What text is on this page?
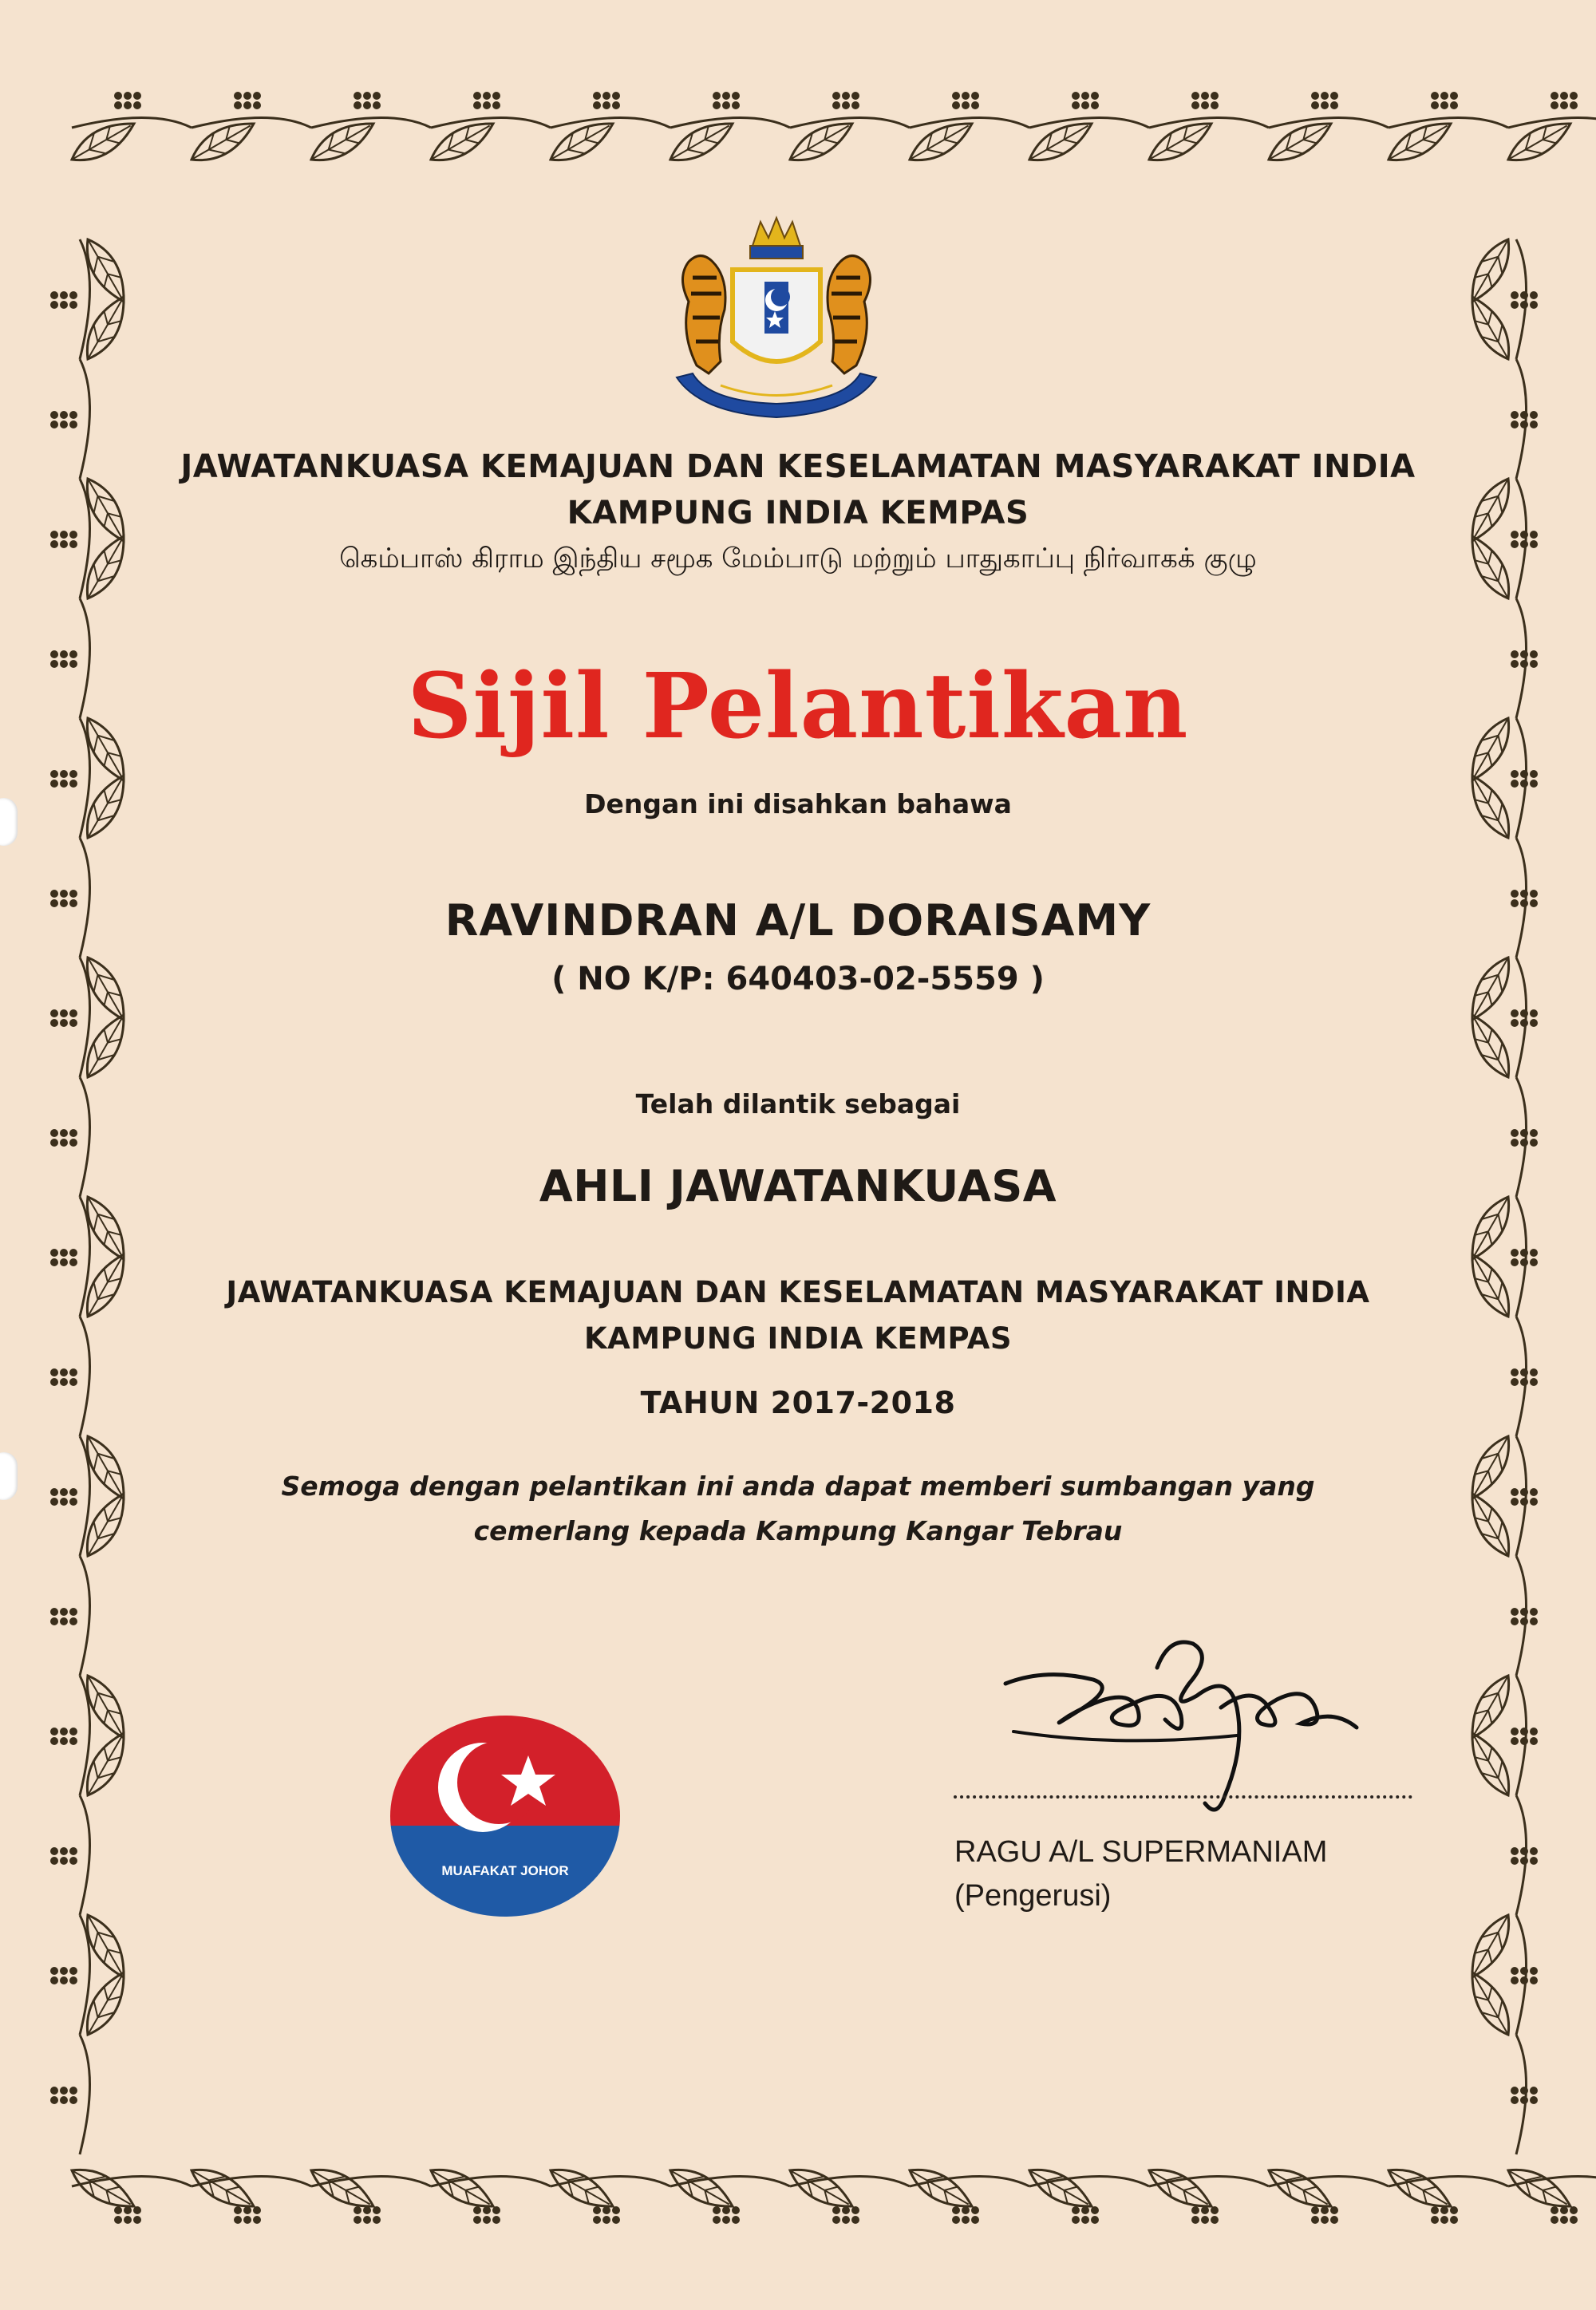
JAWATANKUASA KEMAJUAN DAN KESELAMATAN MASYARAKAT INDIA
KAMPUNG INDIA KEMPAS
கெம்பாஸ் கிராம இந்திய சமூக மேம்பாடு மற்றும் பாதுகாப்பு நிர்வாகக் குழு
Sijil Pelantikan
Dengan ini disahkan bahawa
RAVINDRAN A/L DORAISAMY
( NO K/P: 640403-02-5559 )
Telah dilantik sebagai
AHLI JAWATANKUASA
JAWATANKUASA KEMAJUAN DAN KESELAMATAN MASYARAKAT INDIA
KAMPUNG INDIA KEMPAS
TAHUN 2017-2018
Semoga dengan pelantikan ini anda dapat memberi sumbangan yang
cemerlang kepada Kampung Kangar Tebrau
MUAFAKAT JOHOR
RAGU A/L SUPERMANIAM
(Pengerusi)
